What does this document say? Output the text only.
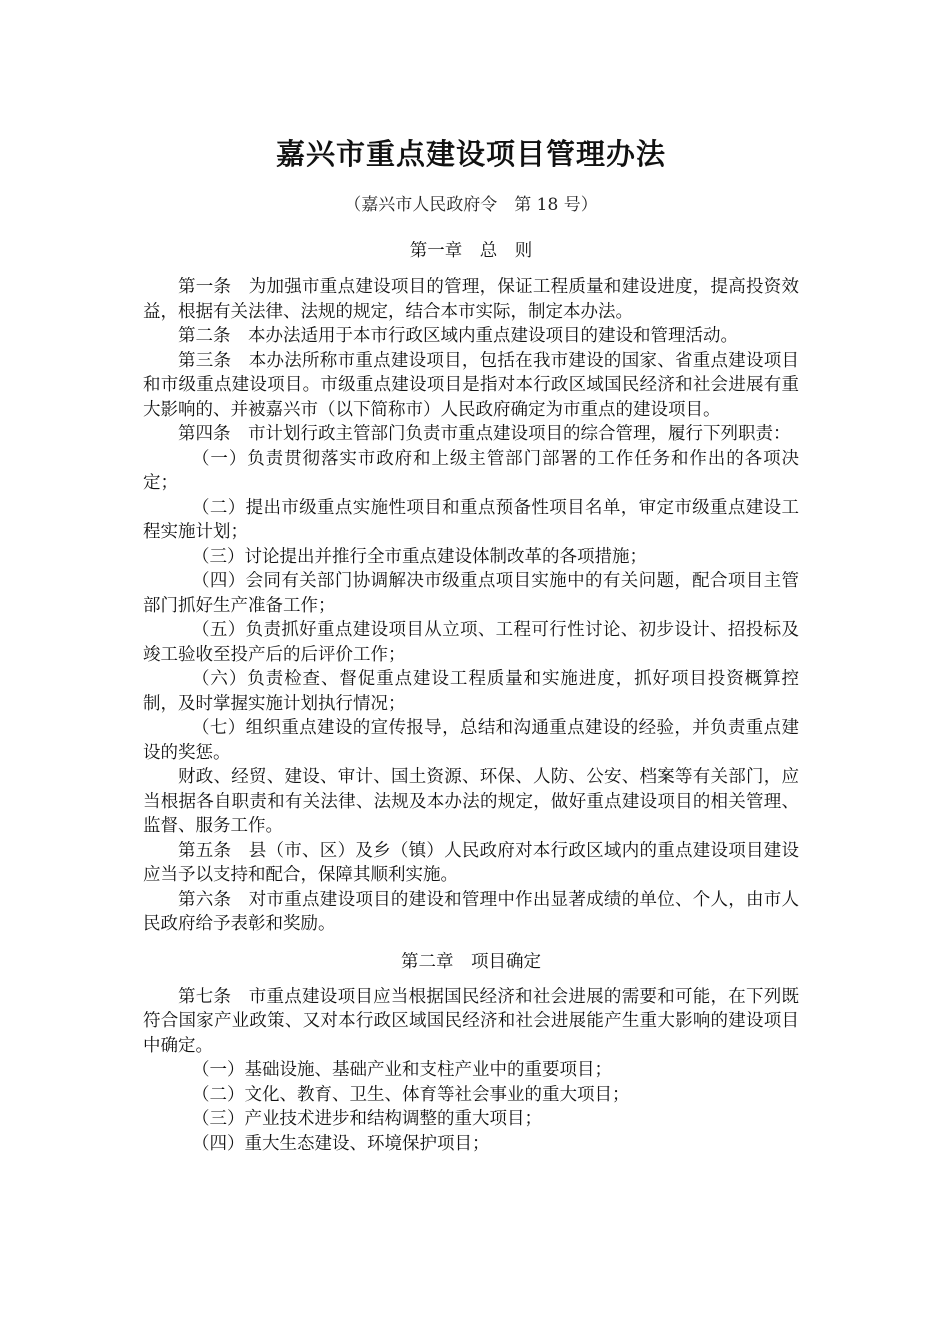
嘉兴市重点建设项目管理办法
（嘉兴市人民政府令　第 18 号）
第一章　总　则

第一条 为加强市重点建设项目的管理，保证工程质量和建设进度，提高投资效益，根据有关法律、法规的规定，结合本市实际，制定本办法。

第二条 本办法适用于本市行政区域内重点建设项目的建设和管理活动。

第三条 本办法所称市重点建设项目，包括在我市建设的国家、省重点建设项目和市级重点建设项目。市级重点建设项目是指对本行政区域国民经济和社会进展有重大影响的、并被嘉兴市（以下简称市）人民政府确定为市重点的建设项目。

第四条 市计划行政主管部门负责市重点建设项目的综合管理，履行下列职责：

（一）负责贯彻落实市政府和上级主管部门部署的工作任务和作出的各项决定；

（二）提出市级重点实施性项目和重点预备性项目名单，审定市级重点建设工程实施计划；

（三）讨论提出并推行全市重点建设体制改革的各项措施；

（四）会同有关部门协调解决市级重点项目实施中的有关问题，配合项目主管部门抓好生产准备工作；

（五）负责抓好重点建设项目从立项、工程可行性讨论、初步设计、招投标及竣工验收至投产后的后评价工作；

（六）负责检查、督促重点建设工程质量和实施进度，抓好项目投资概算控制，及时掌握实施计划执行情况；

（七）组织重点建设的宣传报导，总结和沟通重点建设的经验，并负责重点建设的奖惩。

财政、经贸、建设、审计、国土资源、环保、人防、公安、档案等有关部门，应当根据各自职责和有关法律、法规及本办法的规定，做好重点建设项目的相关管理、监督、服务工作。

第五条 县（市、区）及乡（镇）人民政府对本行政区域内的重点建设项目建设应当予以支持和配合，保障其顺利实施。

第六条 对市重点建设项目的建设和管理中作出显著成绩的单位、个人，由市人民政府给予表彰和奖励。

第二章　项目确定

第七条 市重点建设项目应当根据国民经济和社会进展的需要和可能，在下列既符合国家产业政策、又对本行政区域国民经济和社会进展能产生重大影响的建设项目中确定。

（一）基础设施、基础产业和支柱产业中的重要项目；

（二）文化、教育、卫生、体育等社会事业的重大项目；

（三）产业技术进步和结构调整的重大项目；

（四）重大生态建设、环境保护项目；
